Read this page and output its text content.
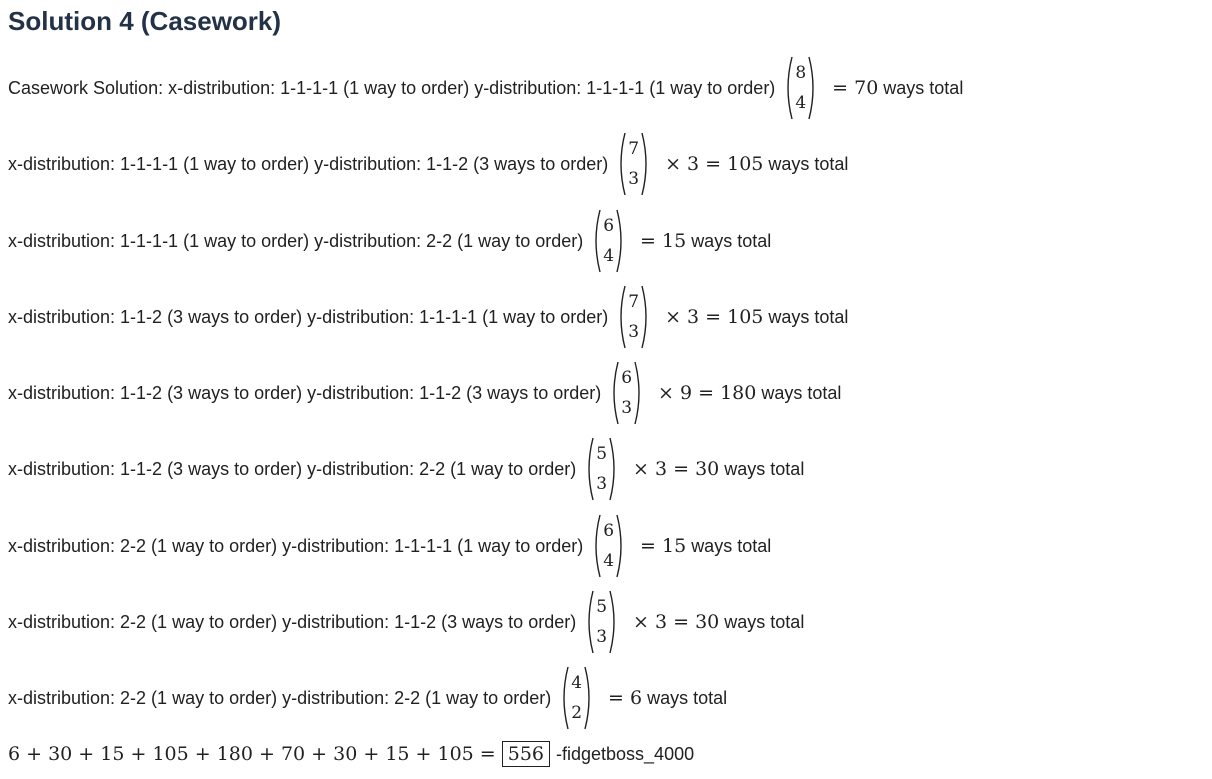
Solution 4 (Casework)
Casework Solution: x-distribution: 1-1-1-1 (1 way to order) y-distribution: 1-1-1-1 (1 way to order)
8
4
= 70 ways total
x-distribution: 1-1-1-1 (1 way to order) y-distribution: 1-1-2 (3 ways to order)
7
3
× 3 = 105 ways total
x-distribution: 1-1-1-1 (1 way to order) y-distribution: 2-2 (1 way to order)
6
4
= 15 ways total
x-distribution: 1-1-2 (3 ways to order) y-distribution: 1-1-1-1 (1 way to order)
7
3
× 3 = 105 ways total
x-distribution: 1-1-2 (3 ways to order) y-distribution: 1-1-2 (3 ways to order)
6
3
× 9 = 180 ways total
x-distribution: 1-1-2 (3 ways to order) y-distribution: 2-2 (1 way to order)
5
3
× 3 = 30 ways total
x-distribution: 2-2 (1 way to order) y-distribution: 1-1-1-1 (1 way to order)
6
4
= 15 ways total
x-distribution: 2-2 (1 way to order) y-distribution: 1-1-2 (3 ways to order)
5
3
× 3 = 30 ways total
x-distribution: 2-2 (1 way to order) y-distribution: 2-2 (1 way to order)
4
2
= 6 ways total
6 + 30 + 15 + 105 + 180 + 70 + 30 + 15 + 105 = 556 -fidgetboss_4000
